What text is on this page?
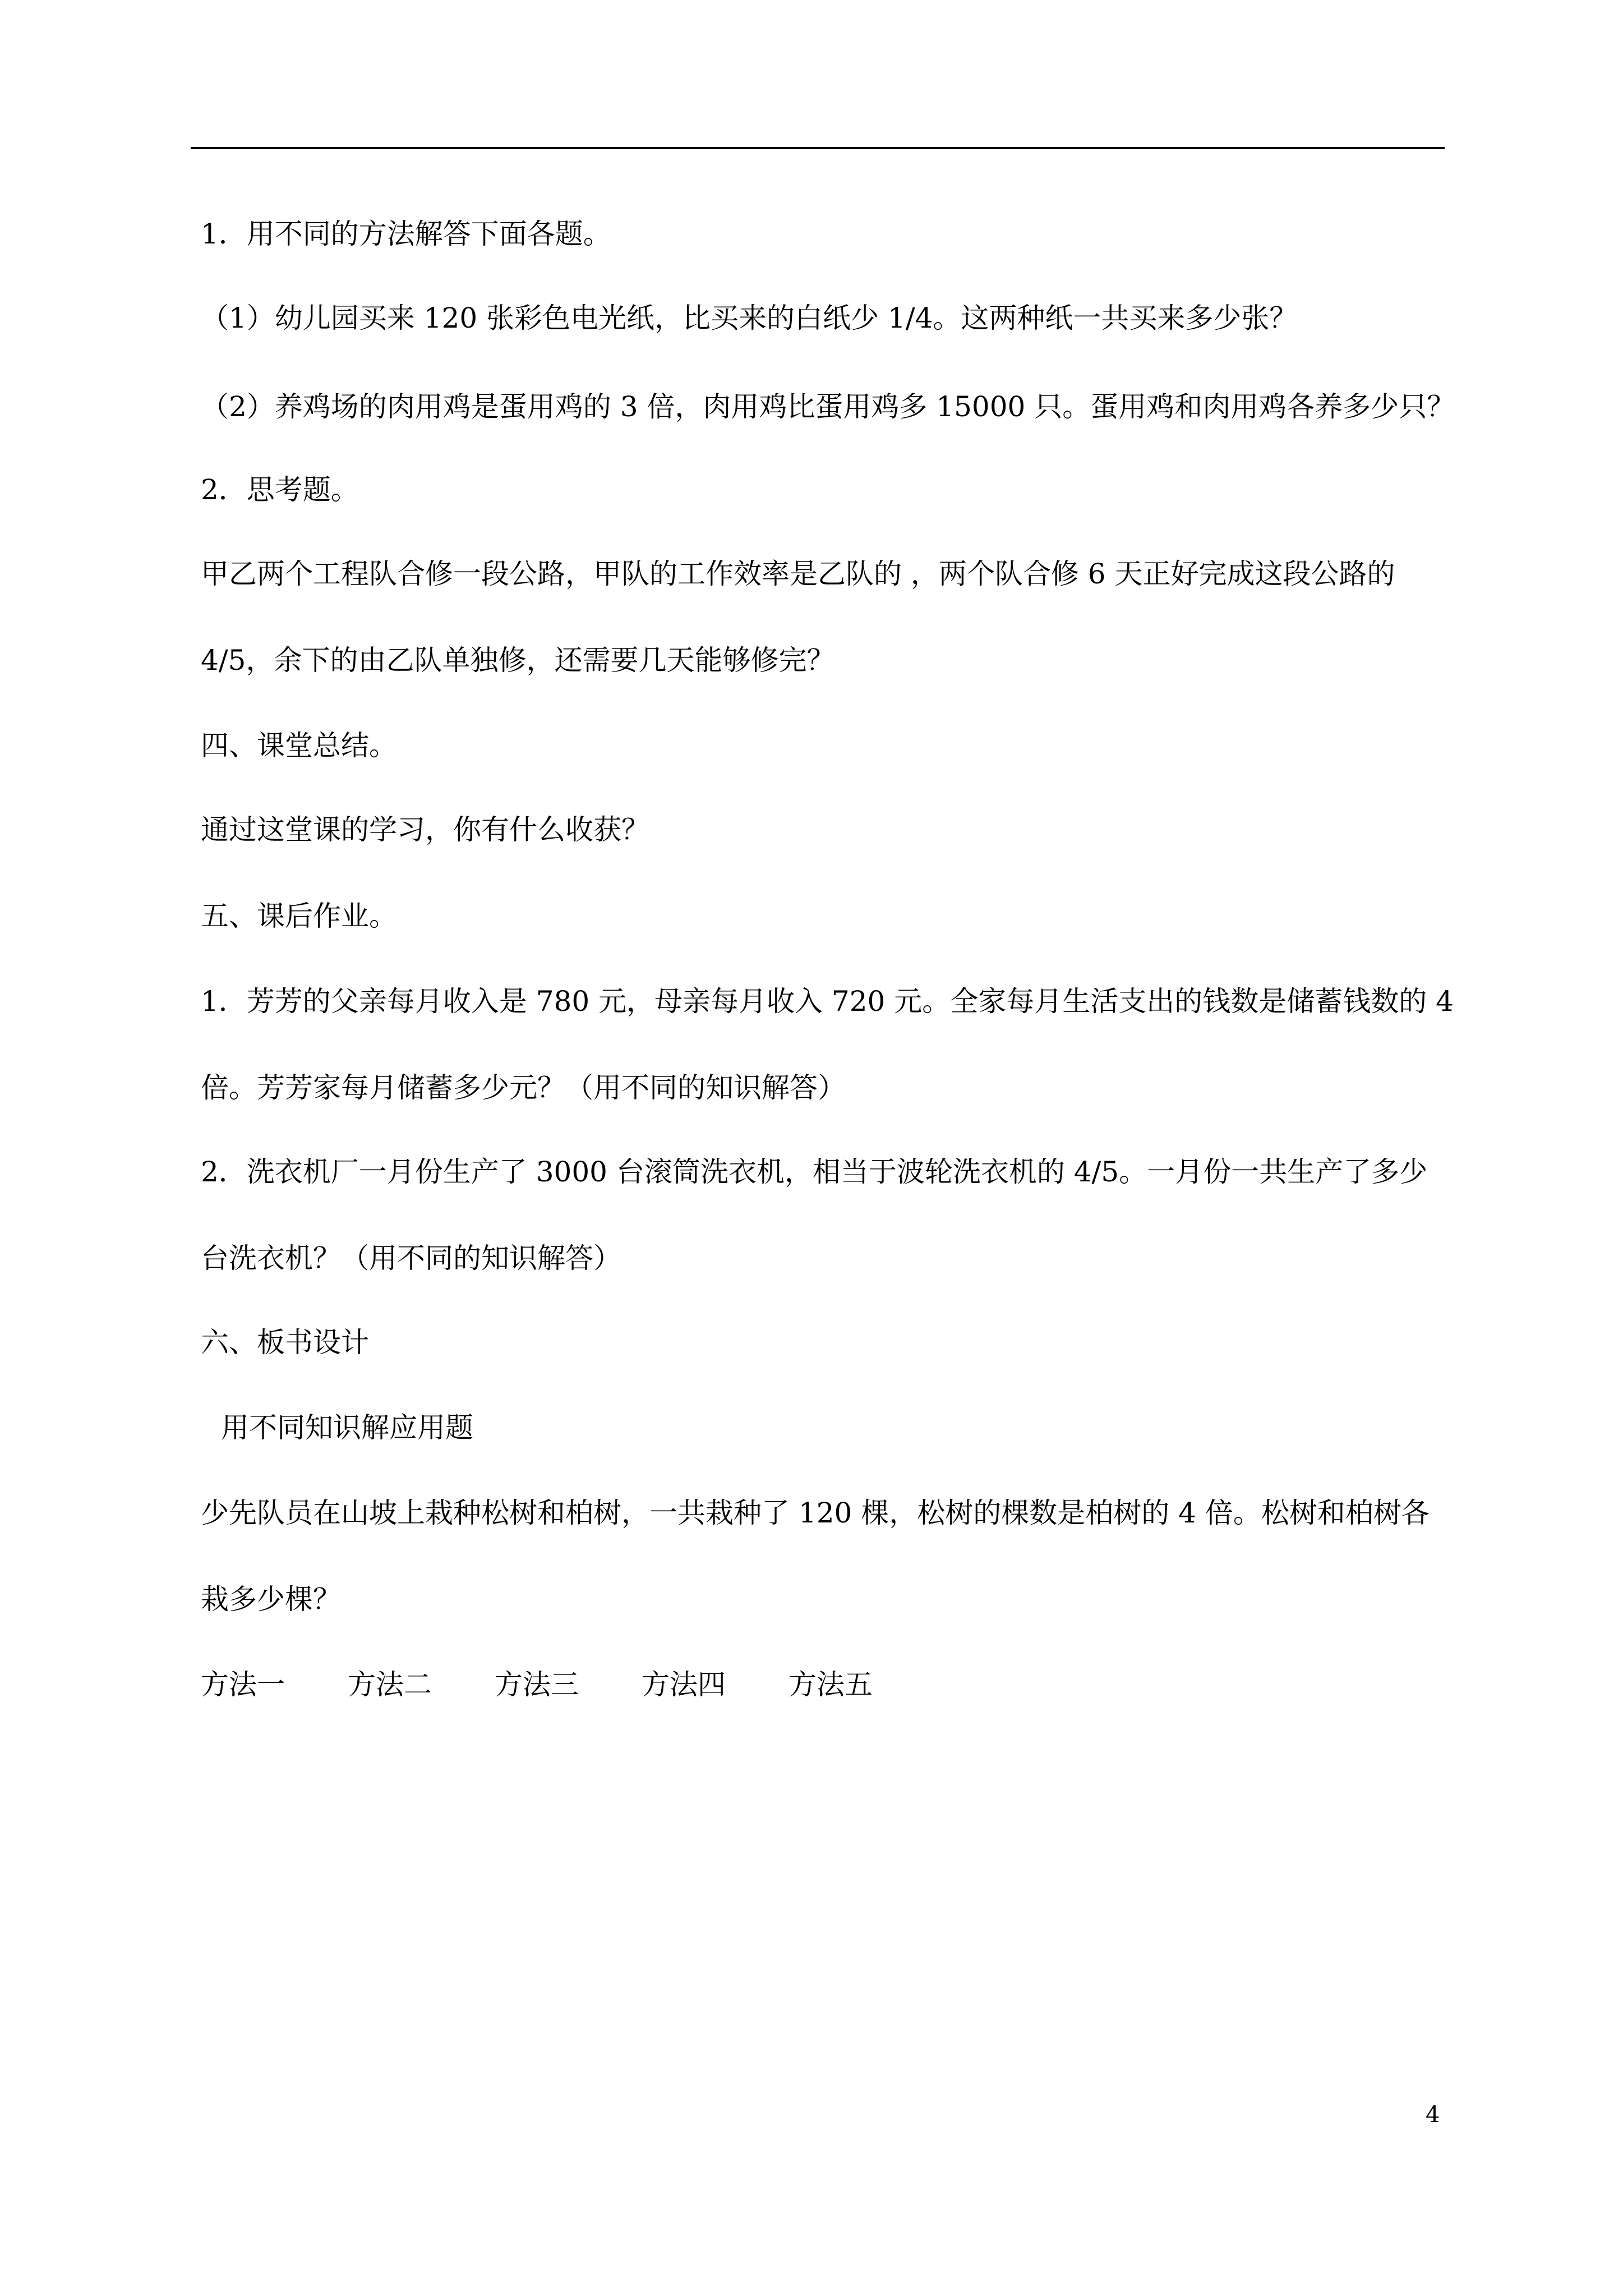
1．用不同的方法解答下面各题。

（1）幼儿园买来 120 张彩色电光纸，比买来的白纸少 1/4。这两种纸一共买来多少张？

（2）养鸡场的肉用鸡是蛋用鸡的 3 倍，肉用鸡比蛋用鸡多 15000 只。蛋用鸡和肉用鸡各养多少只？

2．思考题。

甲乙两个工程队合修一段公路，甲队的工作效率是乙队的 ，两个队合修 6 天正好完成这段公路的
4/5，余下的由乙队单独修，还需要几天能够修完？

四、课堂总结。

通过这堂课的学习，你有什么收获？

五、课后作业。

1．芳芳的父亲每月收入是 780 元，母亲每月收入 720 元。全家每月生活支出的钱数是储蓄钱数的 4
倍。芳芳家每月储蓄多少元？（用不同的知识解答）
2．洗衣机厂一月份生产了 3000 台滚筒洗衣机，相当于波轮洗衣机的 4/5。一月份一共生产了多少
台洗衣机？（用不同的知识解答）

六、板书设计

用不同知识解应用题

少先队员在山坡上栽种松树和柏树，一共栽种了 120 棵，松树的棵数是柏树的 4 倍。松树和柏树各
栽多少棵？
方法一 方法二 方法三 方法四 方法五
4
